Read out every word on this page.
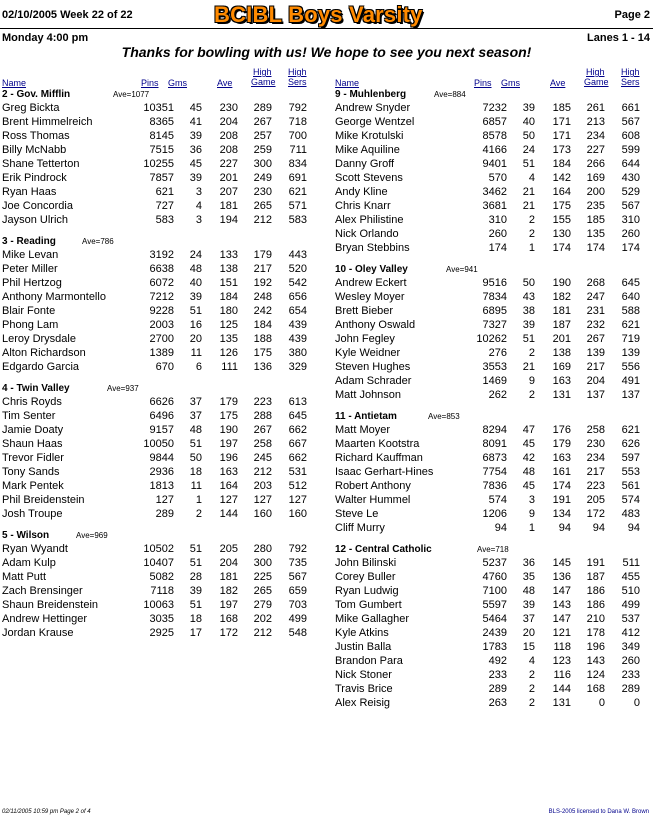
02/10/2005 Week 22 of 22	BCIBL Boys Varsity	Page 2
Monday 4:00 pm	Lanes 1 - 14
Thanks for bowling with us! We hope to see you next season!
Name	Pins Gms	Ave
High
Game
High
Sers
2 - Gov. Mifflin	Ave=1077
Greg Bickta	10351 45 230 289 792
Brent Himmelreich	8365 41 204 267 718
Ross Thomas	8145 39 208 257 700
Billy McNabb	7515 36 208 259 711
Shane Tetterton	10255 45 227 300 834
Erik Pindrock	7857 39 201 249 691
Ryan Haas	621 3 207 230 621
Joe Concordia	727 4 181 265 571
Jayson Ulrich	583 3 194 212 583
3 - Reading	Ave=786
Mike Levan	3192 24 133 179 443
Peter Miller	6638 48 138 217 520
Phil Hertzog	6072 40 151 192 542
Anthony Marmontello	7212 39 184 248 656
Blair Fonte	9228 51 180 242 654
Phong Lam	2003 16 125 184 439
Leroy Drysdale	2700 20 135 188 439
Alton Richardson	1389 11 126 175 380
Edgardo Garcia	670 6 111 136 329
4 - Twin Valley	Ave=937
Chris Royds	6626 37 179 223 613
Tim Senter	6496 37 175 288 645
Jamie Doaty	9157 48 190 267 662
Shaun Haas	10050 51 197 258 667
Trevor Fidler	9844 50 196 245 662
Tony Sands	2936 18 163 212 531
Mark Pentek	1813 11 164 203 512
Phil Breidenstein	127 1 127 127 127
Josh Troupe	289 2 144 160 160
5 - Wilson	Ave=969
Ryan Wyandt	10502 51 205 280 792
Adam Kulp	10407 51 204 300 735
Matt Putt	5082 28 181 225 567
Zach Brensinger	7118 39 182 265 659
Shaun Breidenstein	10063 51 197 279 703
Andrew Hettinger	3035 18 168 202 499
Jordan Krause	2925 17 172 212 548
Name	Pins Gms	Ave
High
Game
High
Sers
9 - Muhlenberg	Ave=884
Andrew Snyder	7232 39 185 261 661
George Wentzel	6857 40 171 213 567
Mike Krotulski	8578 50 171 234 608
Mike Aquiline	4166 24 173 227 599
Danny Groff	9401 51 184 266 644
Scott Stevens	570 4 142 169 430
Andy Kline	3462 21 164 200 529
Chris Knarr	3681 21 175 235 567
Alex Philistine	310 2 155 185 310
Nick Orlando	260 2 130 135 260
Bryan Stebbins	174 1 174 174 174
10 - Oley Valley	Ave=941
Andrew Eckert	9516 50 190 268 645
Wesley Moyer	7834 43 182 247 640
Brett Bieber	6895 38 181 231 588
Anthony Oswald	7327 39 187 232 621
John Fegley	10262 51 201 267 719
Kyle Weidner	276 2 138 139 139
Steven Hughes	3553 21 169 217 556
Adam Schrader	1469 9 163 204 491
Matt Johnson	262 2 131 137 137
11 - Antietam	Ave=853
Matt Moyer	8294 47 176 258 621
Maarten Kootstra	8091 45 179 230 626
Richard Kauffman	6873 42 163 234 597
Isaac Gerhart-Hines	7754 48 161 217 553
Robert Anthony	7836 45 174 223 561
Walter Hummel	574 3 191 205 574
Steve Le	1206 9 134 172 483
Cliff Murry	94 1 94 94 94
12 - Central Catholic	Ave=718
John Bilinski	5237 36 145 191 511
Corey Buller	4760 35 136 187 455
Ryan Ludwig	7100 48 147 186 510
Tom Gumbert	5597 39 143 186 499
Mike Gallagher	5464 37 147 210 537
Kyle Atkins	2439 20 121 178 412
Justin Balla	1783 15 118 196 349
Brandon Para	492 4 123 143 260
Nick Stoner	233 2 116 124 233
Travis Brice	289 2 144 168 289
Alex Reisig	263 2 131	0	0
02/11/2005 10:59 pm Page 2 of 4	BLS-2005 licensed to Dana W. Brown
